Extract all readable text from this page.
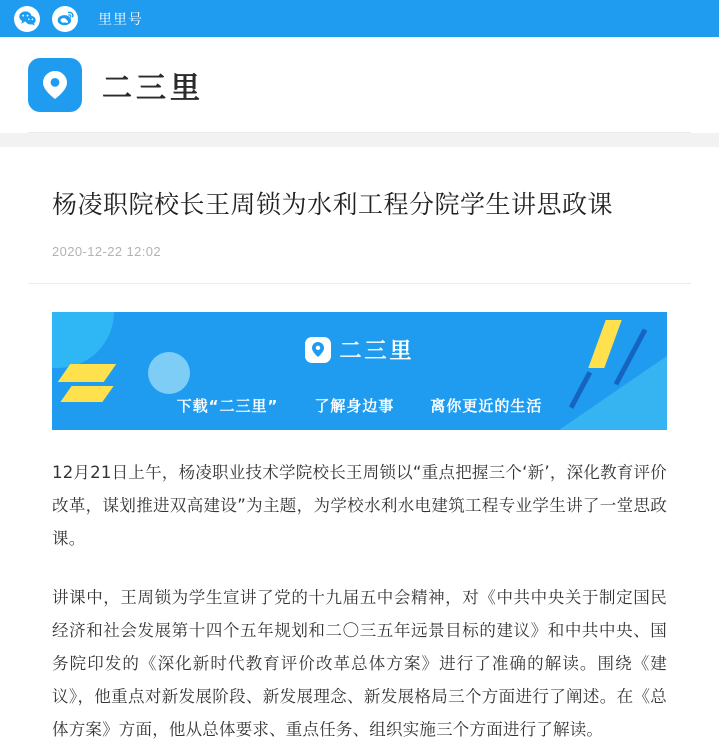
里里号
二三里
杨凌职院校长王周锁为水利工程分院学生讲思政课
2020-12-22 12:02
二三里
下载“二三里” 了解身边事 离你更近的生活

12月21日上午，杨凌职业技术学院校长王周锁以“重点把握三个‘新’，深化教育评价改革，谋划推进双高建设”为主题，为学校水利水电建筑工程专业学生讲了一堂思政课。

讲课中，王周锁为学生宣讲了党的十九届五中会精神，对《中共中央关于制定国民经济和社会发展第十四个五年规划和二〇三五年远景目标的建议》和中共中央、国务院印发的《深化新时代教育评价改革总体方案》进行了准确的解读。围绕《建议》，他重点对新发展阶段、新发展理念、新发展格局三个方面进行了阐述。在《总体方案》方面，他从总体要求、重点任务、组织实施三个方面进行了解读。
